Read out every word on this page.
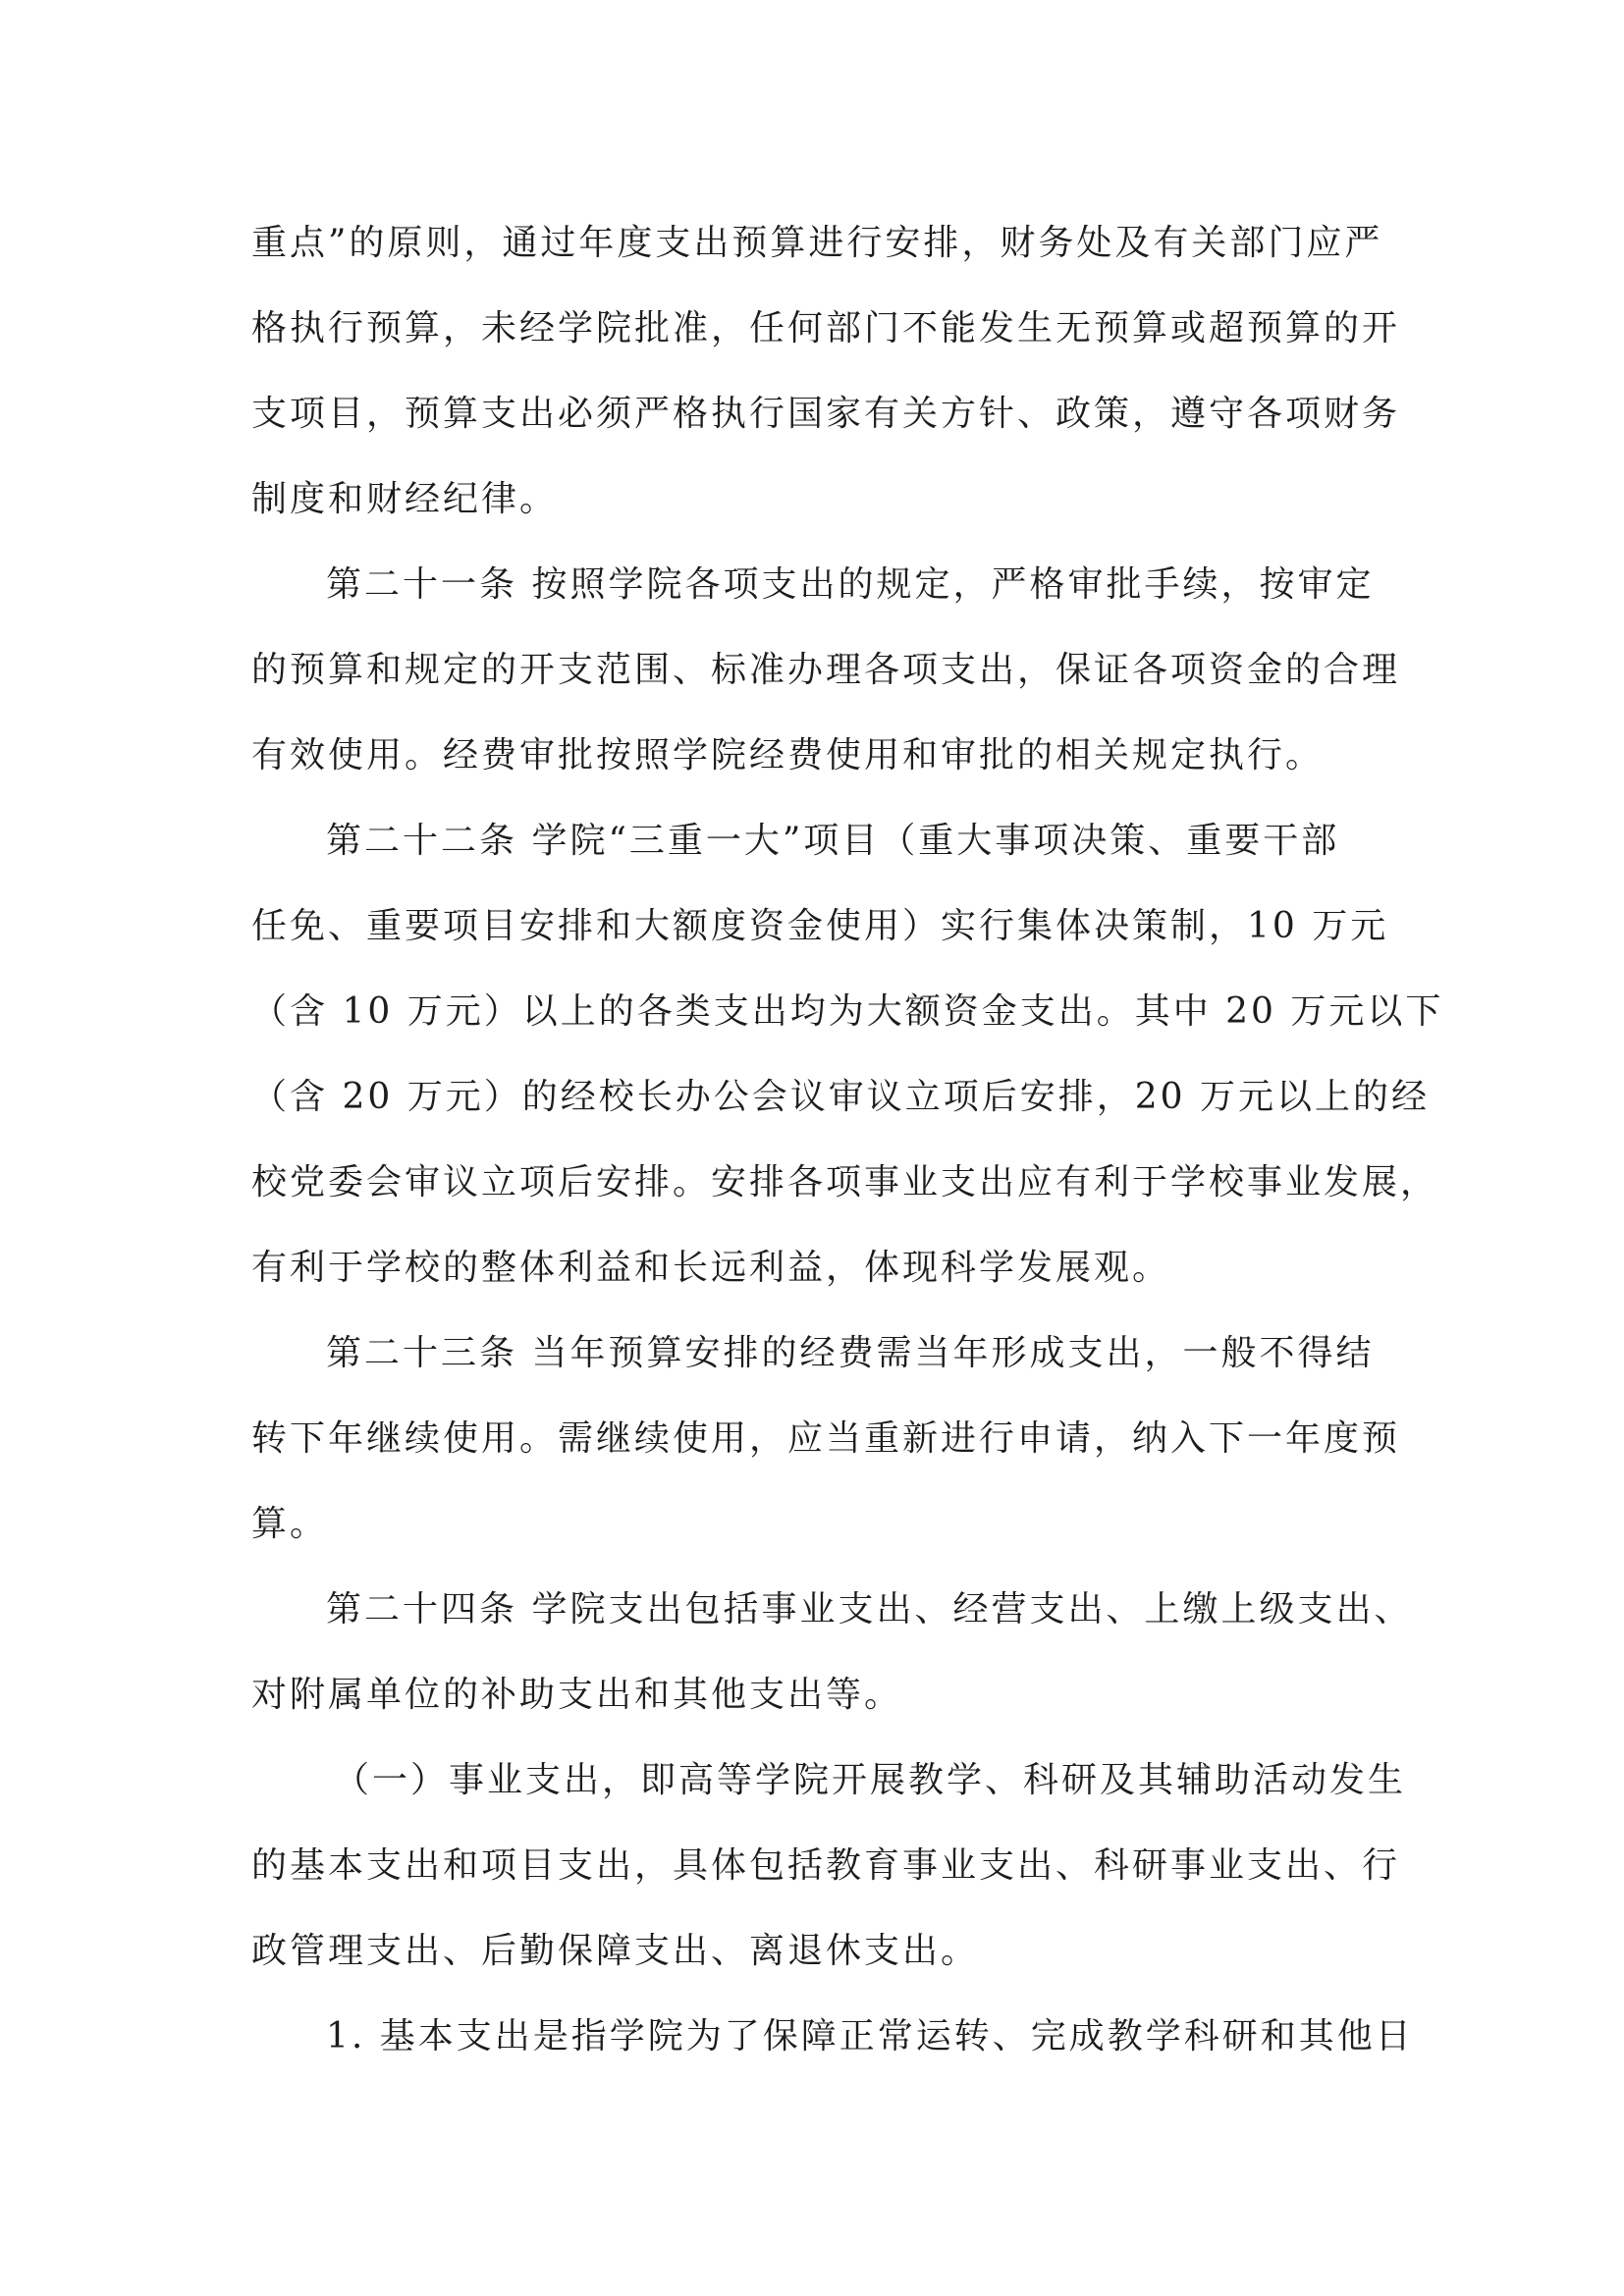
重点”的原则，通过年度支出预算进行安排，财务处及有关部门应严
格执行预算，未经学院批准，任何部门不能发生无预算或超预算的开
支项目，预算支出必须严格执行国家有关方针、政策，遵守各项财务
制度和财经纪律。
第二十一条 按照学院各项支出的规定，严格审批手续，按审定
的预算和规定的开支范围、标准办理各项支出，保证各项资金的合理
有效使用。经费审批按照学院经费使用和审批的相关规定执行。
第二十二条 学院“三重一大”项目（重大事项决策、重要干部
任免、重要项目安排和大额度资金使用）实行集体决策制，10 万元
（含 10 万元）以上的各类支出均为大额资金支出。其中 20 万元以下
（含 20 万元）的经校长办公会议审议立项后安排，20 万元以上的经
校党委会审议立项后安排。安排各项事业支出应有利于学校事业发展，
有利于学校的整体利益和长远利益，体现科学发展观。
第二十三条 当年预算安排的经费需当年形成支出，一般不得结
转下年继续使用。需继续使用，应当重新进行申请，纳入下一年度预
算。
第二十四条 学院支出包括事业支出、经营支出、上缴上级支出、
对附属单位的补助支出和其他支出等。
（一）事业支出，即高等学院开展教学、科研及其辅助活动发生
的基本支出和项目支出，具体包括教育事业支出、科研事业支出、行
政管理支出、后勤保障支出、离退休支出。
1. 基本支出是指学院为了保障正常运转、完成教学科研和其他日
